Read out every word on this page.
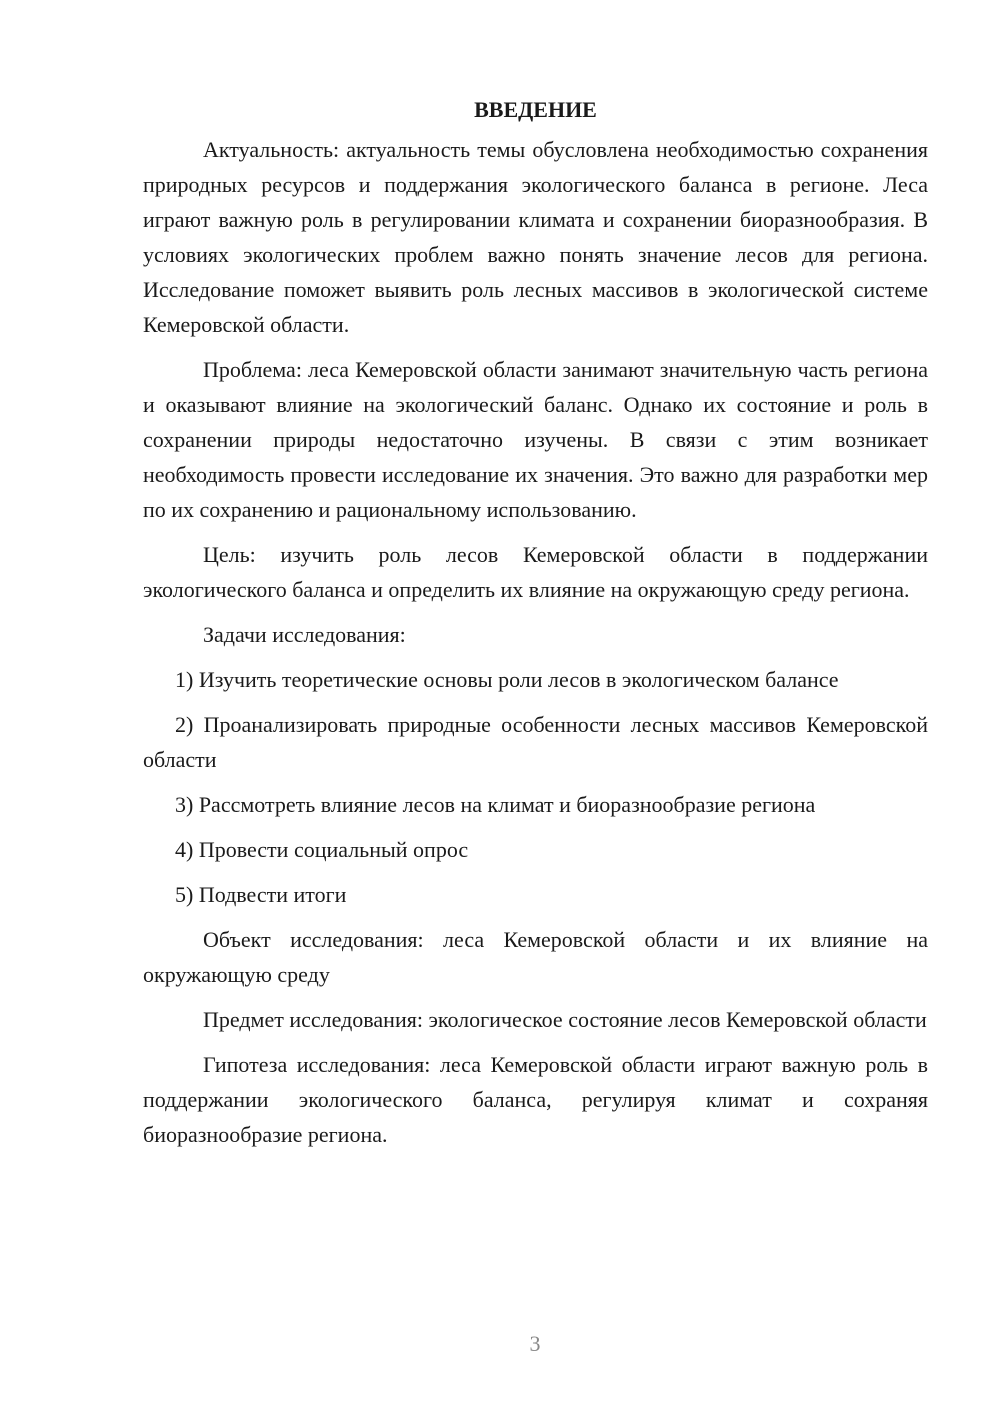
ВВЕДЕНИЕ

Актуальность: актуальность темы обусловлена необходимостью сохранения природных ресурсов и поддержания экологического баланса в регионе. Леса играют важную роль в регулировании климата и сохранении биоразнообразия. В условиях экологических проблем важно понять значение лесов для региона. Исследование поможет выявить роль лесных массивов в экологической системе Кемеровской области.

Проблема: леса Кемеровской области занимают значительную часть региона и оказывают влияние на экологический баланс. Однако их состояние и роль в сохранении природы недостаточно изучены. В связи с этим возникает необходимость провести исследование их значения. Это важно для разработки мер по их сохранению и рациональному использованию.

Цель: изучить роль лесов Кемеровской области в поддержании экологического баланса и определить их влияние на окружающую среду региона.

Задачи исследования:

1) Изучить теоретические основы роли лесов в экологическом балансе

2) Проанализировать природные особенности лесных массивов Кемеровской области

3) Рассмотреть влияние лесов на климат и биоразнообразие региона

4) Провести социальный опрос

5) Подвести итоги

Объект исследования: леса Кемеровской области и их влияние на окружающую среду

Предмет исследования: экологическое состояние лесов Кемеровской области

Гипотеза исследования: леса Кемеровской области играют важную роль в поддержании экологического баланса, регулируя климат и сохраняя биоразнообразие региона.

3
